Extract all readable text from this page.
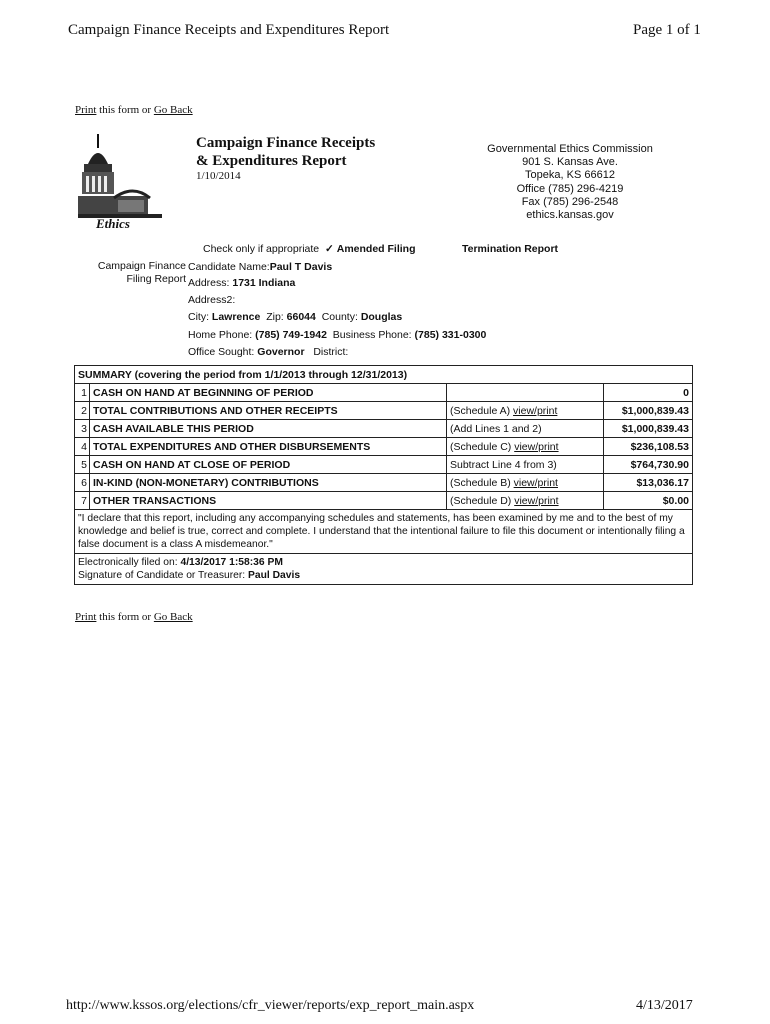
Campaign Finance Receipts and Expenditures Report	Page 1 of 1
Print this form or Go Back
Ethics
Campaign Finance Receipts
& Expenditures Report
1/10/2014
Governmental Ethics Commission
901 S. Kansas Ave.
Topeka, KS 66612
Office (785) 296-4219
Fax (785) 296-2548
ethics.kansas.gov
Check only if appropriate ✓ Amended Filing	Termination Report
Campaign Finance
Filing Report
Candidate Name:Paul T Davis
Address: 1731 Indiana
Address2:
City: Lawrence Zip: 66044 County: Douglas
Home Phone: (785) 749-1942 Business Phone: (785) 331-0300
Office Sought: Governor District:
SUMMARY (covering the period from 1/1/2013 through 12/31/2013)			
1	CASH ON HAND AT BEGINNING OF PERIOD		0
2	TOTAL CONTRIBUTIONS AND OTHER RECEIPTS	(Schedule A) view/print	$1,000,839.43
3	CASH AVAILABLE THIS PERIOD	(Add Lines 1 and 2)	$1,000,839.43
4	TOTAL EXPENDITURES AND OTHER DISBURSEMENTS	(Schedule C) view/print	$236,108.53
5	CASH ON HAND AT CLOSE OF PERIOD	Subtract Line 4 from 3)	$764,730.90
6	IN-KIND (NON-MONETARY) CONTRIBUTIONS	(Schedule B) view/print	$13,036.17
7	OTHER TRANSACTIONS	(Schedule D) view/print	$0.00
"I declare that this report, including any accompanying schedules and statements, has been examined by me and to the best of my knowledge and belief is true, correct and complete. I understand that the intentional failure to file this document or intentionally filing a false document is a class A misdemeanor."			

Electronically filed on: 4/13/2017 1:58:36 PM
Signature of Candidate or Treasurer: Paul Davis			
Print this form or Go Back
http://www.kssos.org/elections/cfr_viewer/reports/exp_report_main.aspx	4/13/2017
